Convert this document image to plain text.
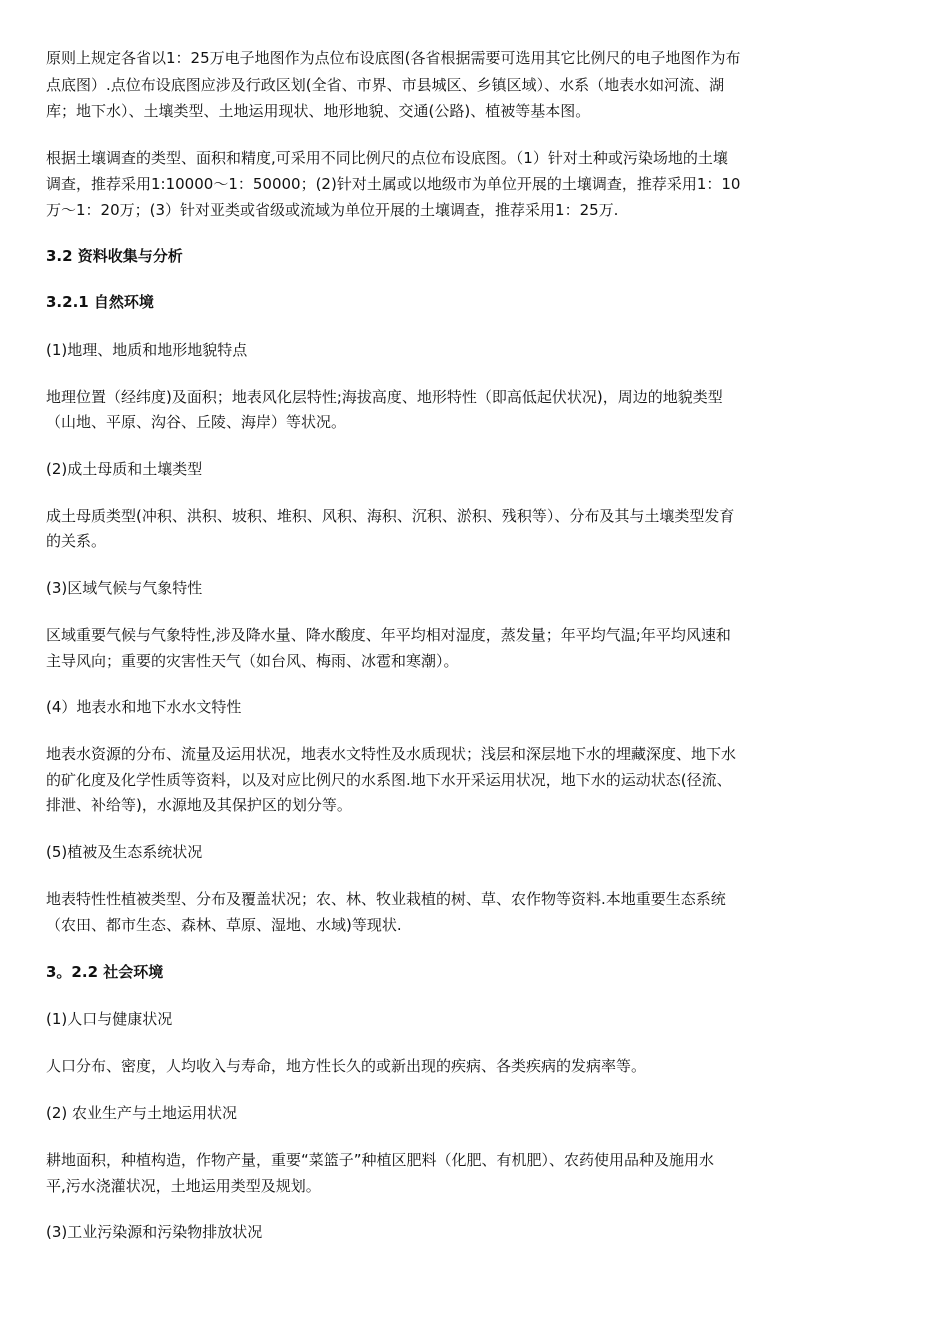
原则上规定各省以1：25万电子地图作为点位布设底图(各省根据需要可选用其它比例尺的电子地图作为布
点底图）.点位布设底图应涉及行政区划(全省、市界、市县城区、乡镇区域）、水系（地表水如河流、湖
库；地下水）、土壤类型、土地运用现状、地形地貌、交通(公路)、植被等基本图。
根据土壤调查的类型、面积和精度,可采用不同比例尺的点位布设底图。（1）针对土种或污染场地的土壤
调查，推荐采用1:10000～1：50000；(2)针对土属或以地级市为单位开展的土壤调查，推荐采用1：10
万～1：20万；(3）针对亚类或省级或流域为单位开展的土壤调查，推荐采用1：25万.
3.2 资料收集与分析
3.2.1 自然环境
(1)地理、地质和地形地貌特点
地理位置（经纬度)及面积；地表风化层特性;海拔高度、地形特性（即高低起伏状况)，周边的地貌类型
（山地、平原、沟谷、丘陵、海岸）等状况。
(2)成土母质和土壤类型
成土母质类型(冲积、洪积、坡积、堆积、风积、海积、沉积、淤积、残积等）、分布及其与土壤类型发育
的关系。
(3)区域气候与气象特性
区域重要气候与气象特性,涉及降水量、降水酸度、年平均相对湿度，蒸发量；年平均气温;年平均风速和
主导风向；重要的灾害性天气（如台风、梅雨、冰雹和寒潮）。
(4）地表水和地下水水文特性
地表水资源的分布、流量及运用状况，地表水文特性及水质现状；浅层和深层地下水的埋藏深度、地下水
的矿化度及化学性质等资料，以及对应比例尺的水系图.地下水开采运用状况，地下水的运动状态(径流、
排泄、补给等)，水源地及其保护区的划分等。
(5)植被及生态系统状况
地表特性性植被类型、分布及覆盖状况；农、林、牧业栽植的树、草、农作物等资料.本地重要生态系统
（农田、都市生态、森林、草原、湿地、水域)等现状.
3。2.2 社会环境
(1)人口与健康状况
人口分布、密度，人均收入与寿命，地方性长久的或新出现的疾病、各类疾病的发病率等。
(2) 农业生产与土地运用状况
耕地面积，种植构造，作物产量，重要“菜篮子”种植区肥料（化肥、有机肥）、农药使用品种及施用水
平,污水浇灌状况，土地运用类型及规划。
(3)工业污染源和污染物排放状况
